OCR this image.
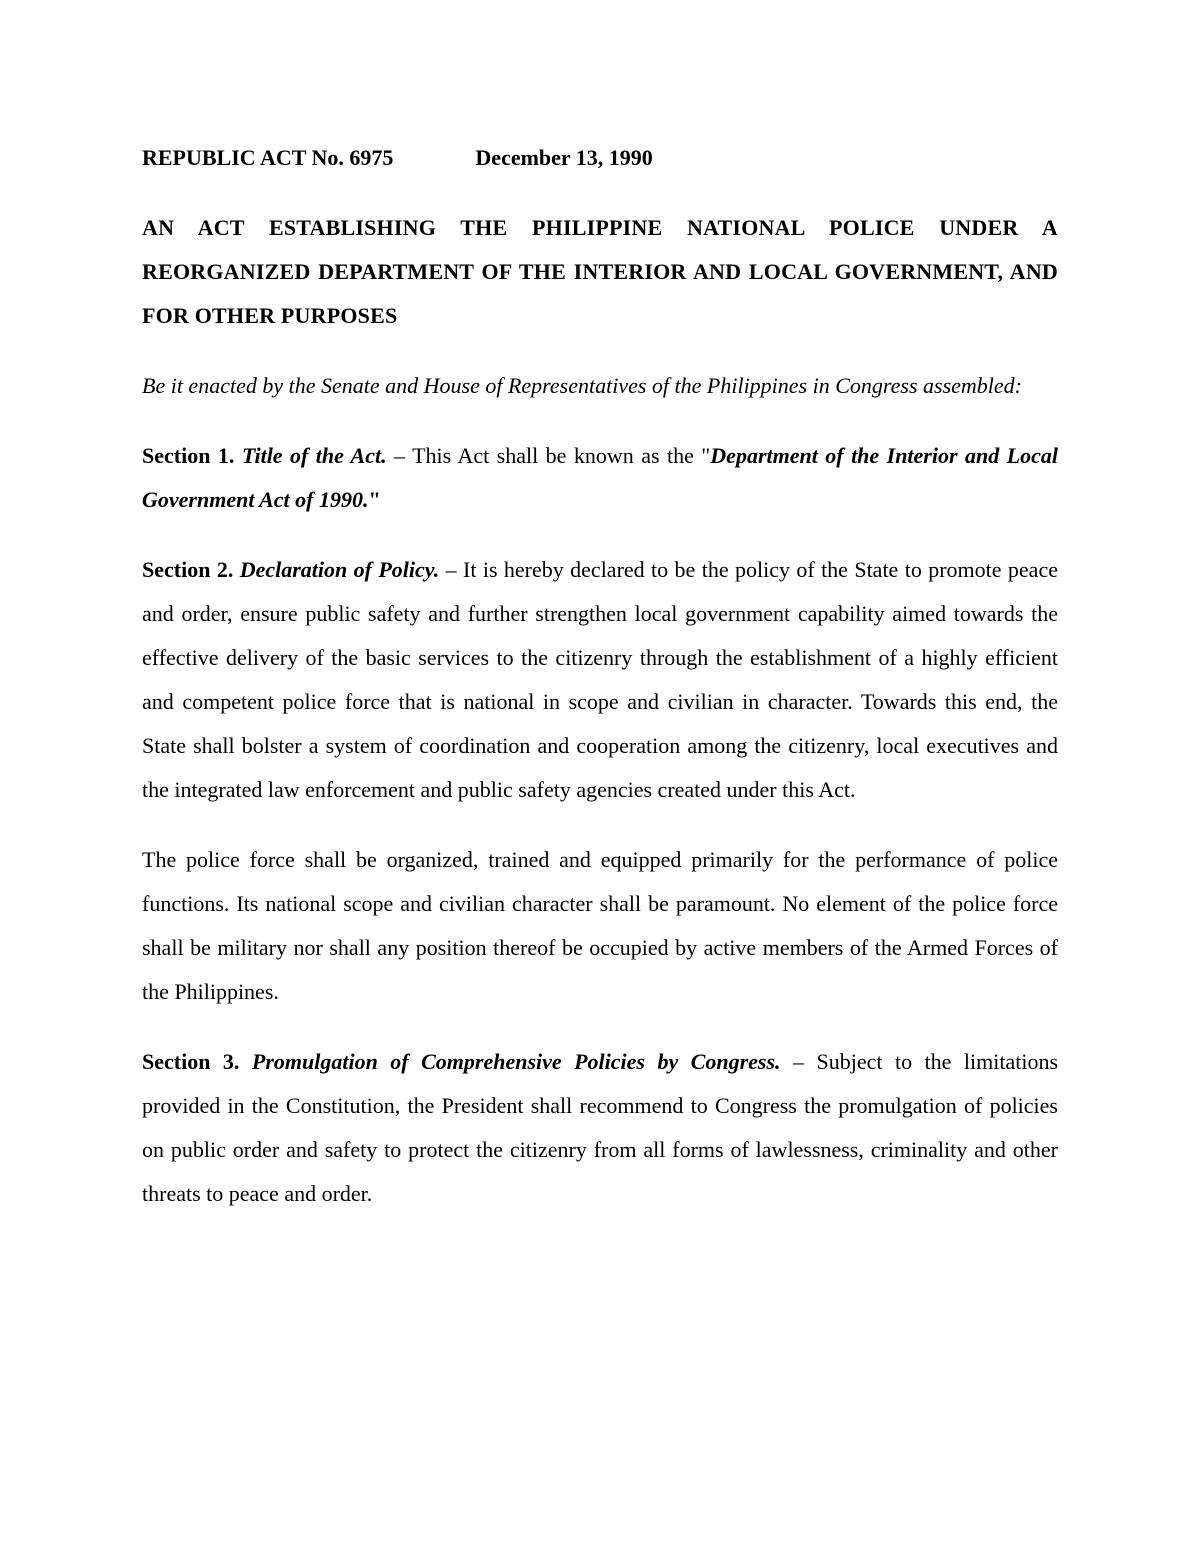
REPUBLIC ACT No. 6975	December 13, 1990

AN ACT ESTABLISHING THE PHILIPPINE NATIONAL POLICE UNDER A REORGANIZED DEPARTMENT OF THE INTERIOR AND LOCAL GOVERNMENT, AND FOR OTHER PURPOSES

Be it enacted by the Senate and House of Representatives of the Philippines in Congress assembled:

Section 1. Title of the Act. – This Act shall be known as the "Department of the Interior and Local Government Act of 1990."

Section 2. Declaration of Policy. – It is hereby declared to be the policy of the State to promote peace and order, ensure public safety and further strengthen local government capability aimed towards the effective delivery of the basic services to the citizenry through the establishment of a highly efficient and competent police force that is national in scope and civilian in character. Towards this end, the State shall bolster a system of coordination and cooperation among the citizenry, local executives and the integrated law enforcement and public safety agencies created under this Act.

The police force shall be organized, trained and equipped primarily for the performance of police functions. Its national scope and civilian character shall be paramount. No element of the police force shall be military nor shall any position thereof be occupied by active members of the Armed Forces of the Philippines.

Section 3. Promulgation of Comprehensive Policies by Congress. – Subject to the limitations provided in the Constitution, the President shall recommend to Congress the promulgation of policies on public order and safety to protect the citizenry from all forms of lawlessness, criminality and other threats to peace and order.
